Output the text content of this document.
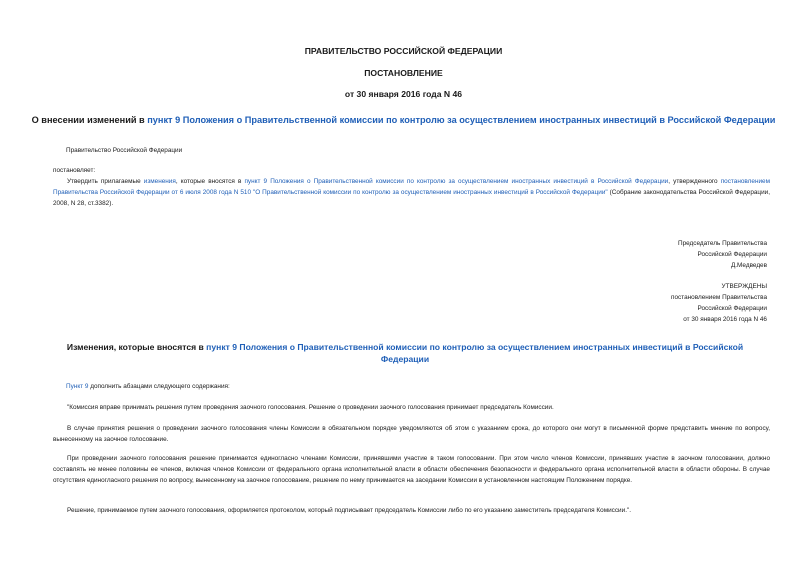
ПРАВИТЕЛЬСТВО РОССИЙСКОЙ ФЕДЕРАЦИИ
ПОСТАНОВЛЕНИЕ
от 30 января 2016 года N 46
О внесении изменений в пункт 9 Положения о Правительственной комиссии по контролю за осуществлением иностранных инвестиций в Российской Федерации
Правительство Российской Федерации
постановляет:
Утвердить прилагаемые изменения, которые вносятся в пункт 9 Положения о Правительственной комиссии по контролю за осуществлением иностранных инвестиций в Российской Федерации, утвержденного постановлением Правительства Российской Федерации от 6 июля 2008 года N 510 "О Правительственной комиссии по контролю за осуществлением иностранных инвестиций в Российской Федерации" (Собрание законодательства Российской Федерации, 2008, N 28, ст.3382).
Председатель Правительства
Российской Федерации
Д.Медведев
УТВЕРЖДЕНЫ
постановлением Правительства
Российской Федерации
от 30 января 2016 года N 46
Изменения, которые вносятся в пункт 9 Положения о Правительственной комиссии по контролю за осуществлением иностранных инвестиций в Российской Федерации
Пункт 9 дополнить абзацами следующего содержания:
"Комиссия вправе принимать решения путем проведения заочного голосования. Решение о проведении заочного голосования принимает председатель Комиссии.
В случае принятия решения о проведении заочного голосования члены Комиссии в обязательном порядке уведомляются об этом с указанием срока, до которого они могут в письменной форме представить мнение по вопросу, вынесенному на заочное голосование.
При проведении заочного голосования решение принимается единогласно членами Комиссии, принявшими участие в таком голосовании. При этом число членов Комиссии, принявших участие в заочном голосовании, должно составлять не менее половины ее членов, включая членов Комиссии от федерального органа исполнительной власти в области обеспечения безопасности и федерального органа исполнительной власти в области обороны. В случае отсутствия единогласного решения по вопросу, вынесенному на заочное голосование, решение по нему принимается на заседании Комиссии в установленном настоящим Положением порядке.
Решение, принимаемое путем заочного голосования, оформляется протоколом, который подписывает председатель Комиссии либо по его указанию заместитель председателя Комиссии.".
